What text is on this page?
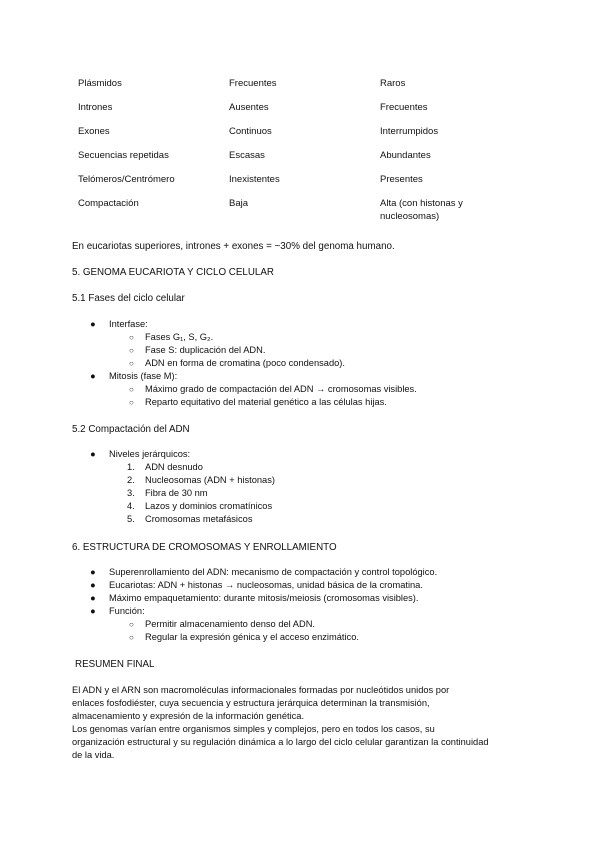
Plásmidos	Frecuentes	Raros
Intrones	Ausentes	Frecuentes
Exones	Continuos	Interrumpidos
Secuencias repetidas	Escasas	Abundantes
Telómeros/Centrómero	Inexistentes	Presentes
Compactación	Baja	Alta (con histonas y nucleosomas)
En eucariotas superiores, intrones + exones = ~30% del genoma humano.
5. GENOMA EUCARIOTA Y CICLO CELULAR
5.1 Fases del ciclo celular
● Interfase:
○ Fases G₁, S, G₂.
○ Fase S: duplicación del ADN.
○ ADN en forma de cromatina (poco condensado).
● Mitosis (fase M):
○ Máximo grado de compactación del ADN → cromosomas visibles.
○ Reparto equitativo del material genético a las células hijas.
5.2 Compactación del ADN
● Niveles jerárquicos:
1. ADN desnudo
2. Nucleosomas (ADN + histonas)
3. Fibra de 30 nm
4. Lazos y dominios cromatínicos
5. Cromosomas metafásicos
6. ESTRUCTURA DE CROMOSOMAS Y ENROLLAMIENTO
● Superenrollamiento del ADN: mecanismo de compactación y control topológico.
● Eucariotas: ADN + histonas → nucleosomas, unidad básica de la cromatina.
● Máximo empaquetamiento: durante mitosis/meiosis (cromosomas visibles).
● Función:
○ Permitir almacenamiento denso del ADN.
○ Regular la expresión génica y el acceso enzimático.
RESUMEN FINAL
El ADN y el ARN son macromoléculas informacionales formadas por nucleótidos unidos por
enlaces fosfodiéster, cuya secuencia y estructura jerárquica determinan la transmisión,
almacenamiento y expresión de la información genética.
Los genomas varían entre organismos simples y complejos, pero en todos los casos, su
organización estructural y su regulación dinámica a lo largo del ciclo celular garantizan la continuidad
de la vida.
